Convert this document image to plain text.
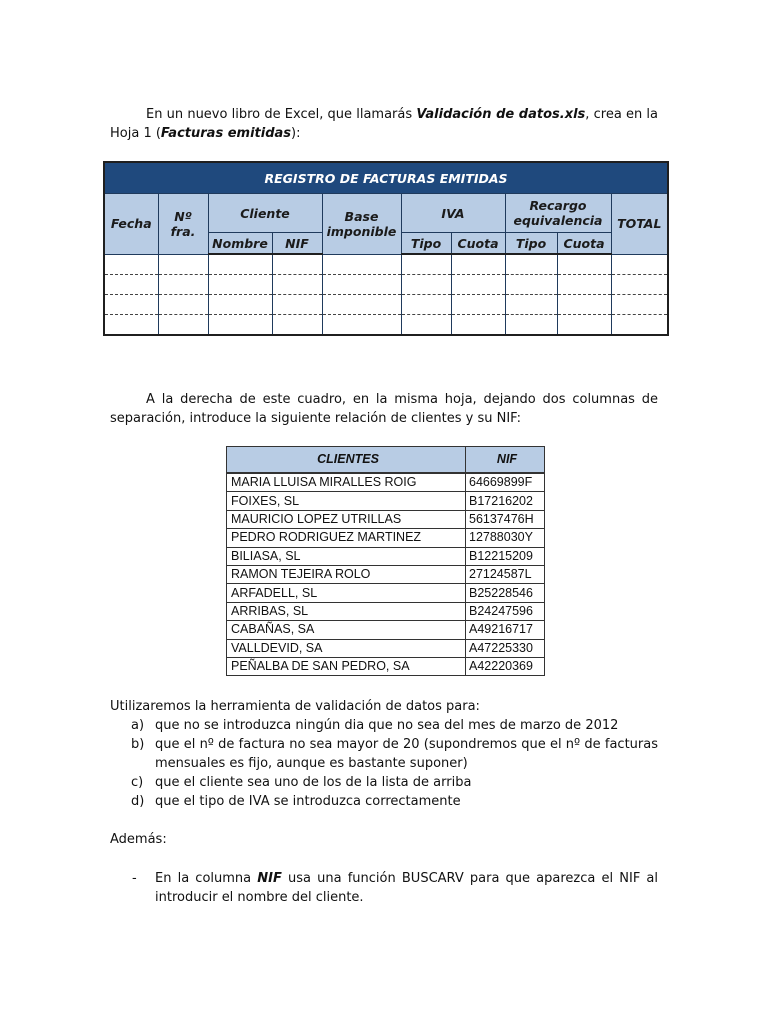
En un nuevo libro de Excel, que llamarás Validación de datos.xls, crea en la Hoja 1 (Facturas emitidas):

REGISTRO DE FACTURAS EMITIDAS									
Fecha	Nº fra.	Cliente		Base imponible	IVA		Recargo equivalencia		TOTAL
		Nombre	NIF		Tipo	Cuota	Tipo	Cuota	

A la derecha de este cuadro, en la misma hoja, dejando dos columnas de separación, introduce la siguiente relación de clientes y su NIF:

CLIENTES	NIF
MARIA LLUISA MIRALLES ROIG	64669899F
FOIXES, SL	B17216202
MAURICIO LOPEZ UTRILLAS	56137476H
PEDRO RODRIGUEZ MARTINEZ	12788030Y
BILIASA, SL	B12215209
RAMON TEJEIRA ROLO	27124587L
ARFADELL, SL	B25228546
ARRIBAS, SL	B24247596
CABAÑAS, SA	A49216717
VALLDEVID, SA	A47225330
PEÑALBA DE SAN PEDRO, SA	A42220369

Utilizaremos la herramienta de validación de datos para:

a) que no se introduzca ningún dia que no sea del mes de marzo de 2012
b) que el nº de factura no sea mayor de 20 (supondremos que el nº de facturas mensuales es fijo, aunque es bastante suponer)
c) que el cliente sea uno de los de la lista de arriba
d) que el tipo de IVA se introduzca correctamente

Además:

- En la columna NIF usa una función BUSCARV para que aparezca el NIF al introducir el nombre del cliente.
